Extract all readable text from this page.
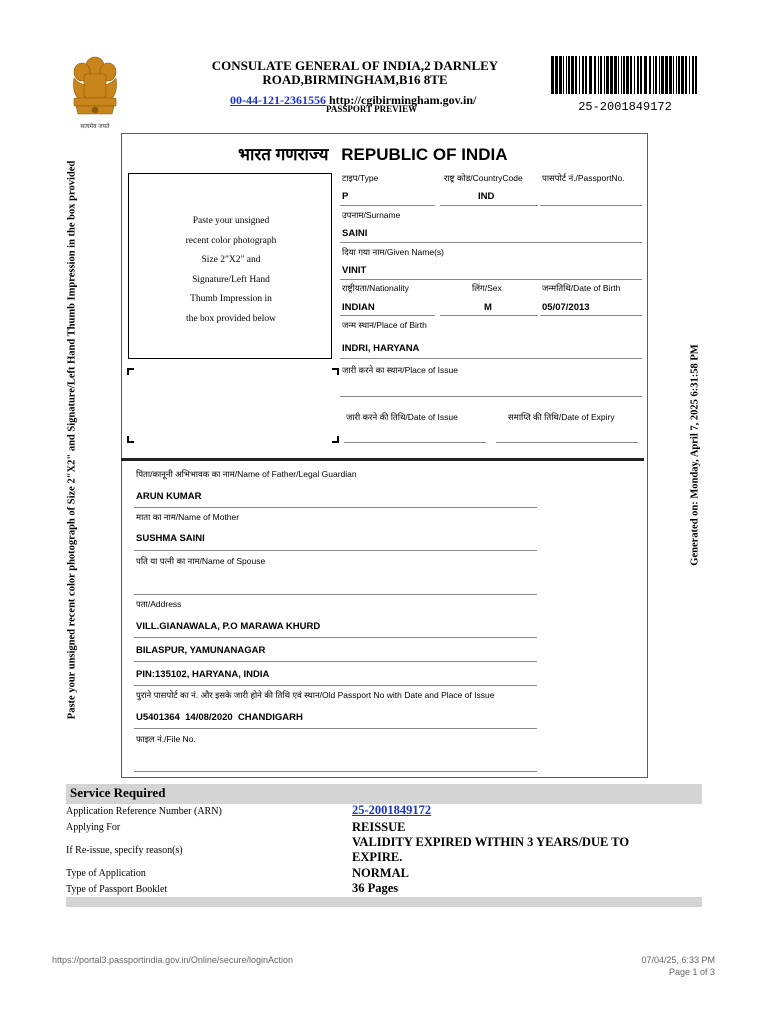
सत्यमेव जयते
CONSULATE GENERAL OF INDIA,2 DARNLEY
ROAD,BIRMINGHAM,B16 8TE
00-44-121-2361556 http://cgibirmingham.gov.in/
PASSPORT PREVIEW	25-2001849172
Paste your unsigned recent color photograph of Size 2"X2" and Signature/Left Hand Thumb Impression in the box provided	Generated on: Monday, April 7, 2025 6:31:58 PM
भारत गणराज्य REPUBLIC OF INDIA
Paste your unsigned
recent color photograph
Size 2"X2" and
Signature/Left Hand
Thumb Impression in
the box provided below
टाइप/Type	राष्ट्र कोड/CountryCode पासपोर्ट नं./PassportNo.
P	IND
उपनाम/Surname
SAINI
दिया गया नाम/Given Name(s)
VINIT
राष्ट्रीयता/Nationality	लिंग/Sex	जन्मतिथि/Date of Birth
INDIAN	M	05/07/2013
जन्म स्थान/Place of Birth
INDRI, HARYANA
जारी करने का स्थान/Place of Issue
जारी करने की तिथि/Date of Issue	समाप्ति की तिथि/Date of Expiry
पिता/कानूनी अभिभावक का नाम/Name of Father/Legal Guardian
ARUN KUMAR
माता का नाम/Name of Mother
SUSHMA SAINI
पति या पत्नी का नाम/Name of Spouse
पता/Address
VILL.GIANAWALA, P.O MARAWA KHURD
BILASPUR, YAMUNANAGAR
PIN:135102, HARYANA, INDIA
पुराने पासपोर्ट का नं. और इसके जारी होने की तिथि एवं स्थान/Old Passport No with Date and Place of Issue
U5401364  14/08/2020  CHANDIGARH
फाइल नं./File No.
Service Required
Application Reference Number (ARN)	25-2001849172
Applying For	REISSUE
If Re-issue, specify reason(s)
VALIDITY EXPIRED WITHIN 3 YEARS/DUE TO
EXPIRE.
Type of Application	NORMAL
Type of Passport Booklet	36 Pages
https://portal3.passportindia.gov.in/Online/secure/loginAction	07/04/25, 6:33 PM
Page 1 of 3
